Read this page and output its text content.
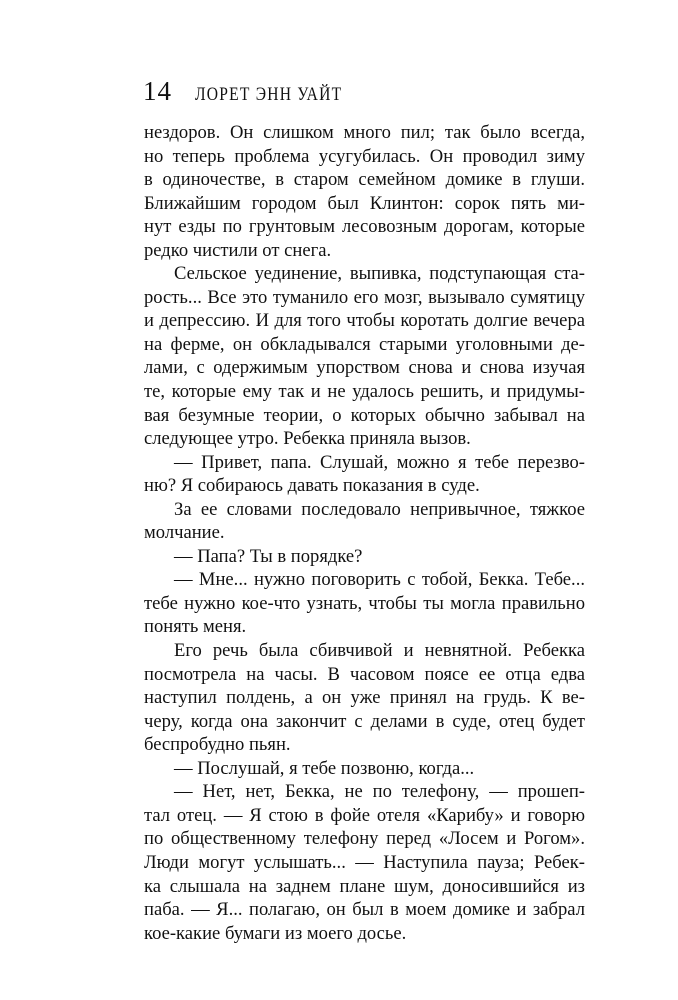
14 ЛОРЕТ ЭНН УАЙТ
нездоров. Он слишком много пил; так было всегда,
но теперь проблема усугубилась. Он проводил зиму
в одиночестве, в старом семейном домике в глуши.
Ближайшим городом был Клинтон: сорок пять ми-
нут езды по грунтовым лесовозным дорогам, которые
редко чистили от снега.
Сельское уединение, выпивка, подступающая ста-
рость... Все это туманило его мозг, вызывало сумятицу
и депрессию. И для того чтобы коротать долгие вечера
на ферме, он обкладывался старыми уголовными де-
лами, с одержимым упорством снова и снова изучая
те, которые ему так и не удалось решить, и придумы-
вая безумные теории, о которых обычно забывал на
следующее утро. Ребекка приняла вызов.
— Привет, папа. Слушай, можно я тебе перезво-
ню? Я собираюсь давать показания в суде.
За ее словами последовало непривычное, тяжкое
молчание.
— Папа? Ты в порядке?
— Мне... нужно поговорить с тобой, Бекка. Тебе...
тебе нужно кое-что узнать, чтобы ты могла правильно
понять меня.
Его речь была сбивчивой и невнятной. Ребекка
посмотрела на часы. В часовом поясе ее отца едва
наступил полдень, а он уже принял на грудь. К ве-
черу, когда она закончит с делами в суде, отец будет
беспробудно пьян.
— Послушай, я тебе позвоню, когда...
— Нет, нет, Бекка, не по телефону, — прошеп-
тал отец. — Я стою в фойе отеля «Карибу» и говорю
по общественному телефону перед «Лосем и Рогом».
Люди могут услышать... — Наступила пауза; Ребек-
ка слышала на заднем плане шум, доносившийся из
паба. — Я... полагаю, он был в моем домике и забрал
кое-какие бумаги из моего досье.
